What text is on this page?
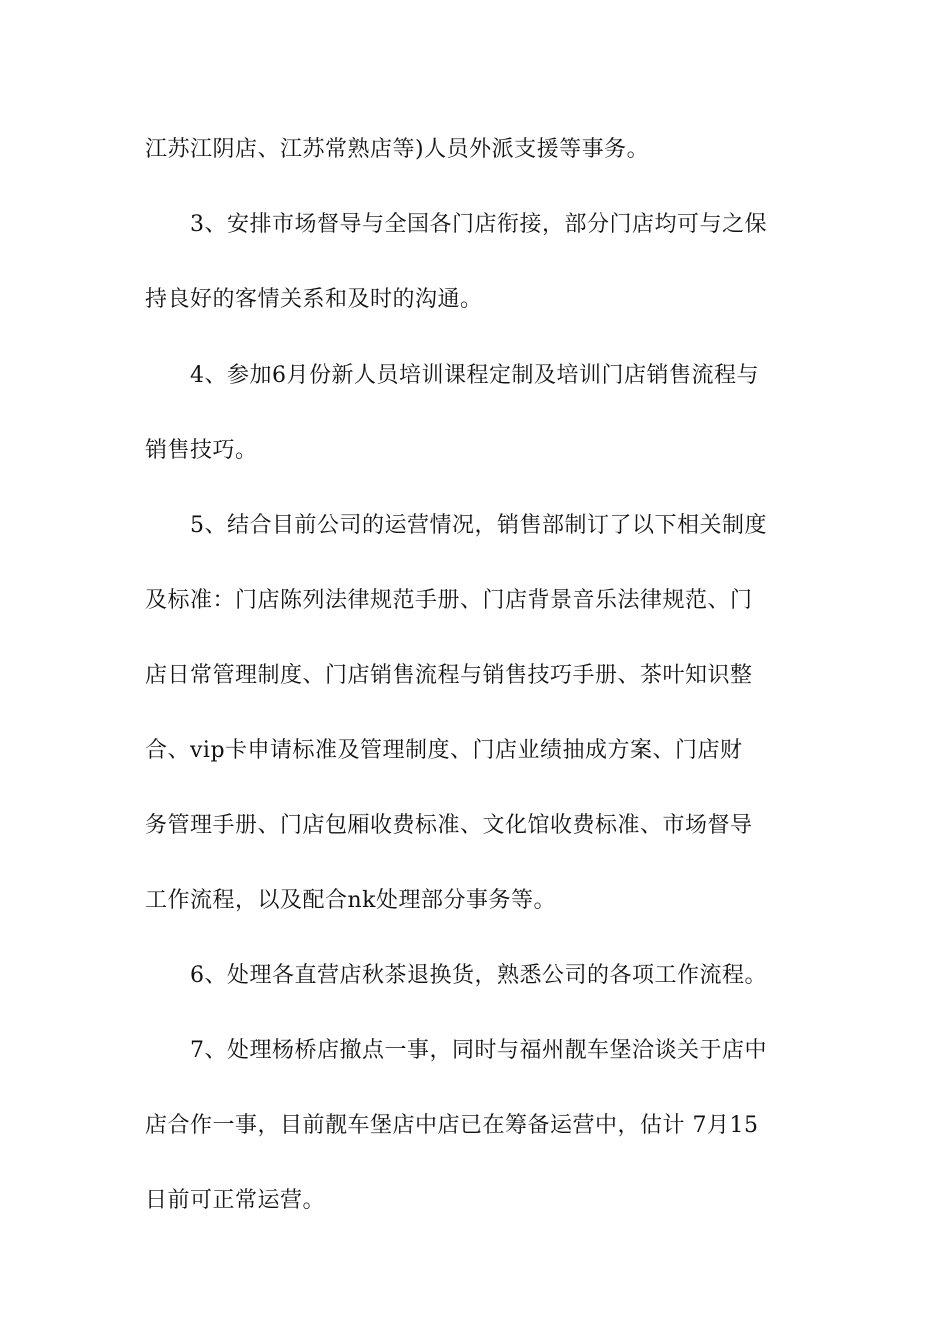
江苏江阴店、江苏常熟店等)人员外派支援等事务。
3、安排市场督导与全国各门店衔接，部分门店均可与之保
持良好的客情关系和及时的沟通。
4、参加6月份新人员培训课程定制及培训门店销售流程与
销售技巧。
5、结合目前公司的运营情况，销售部制订了以下相关制度
及标准：门店陈列法律规范手册、门店背景音乐法律规范、门
店日常管理制度、门店销售流程与销售技巧手册、茶叶知识整
合、vip卡申请标准及管理制度、门店业绩抽成方案、门店财
务管理手册、门店包厢收费标准、文化馆收费标准、市场督导
工作流程，以及配合nk处理部分事务等。
6、处理各直营店秋茶退换货，熟悉公司的各项工作流程。
7、处理杨桥店撤点一事，同时与福州靓车堡洽谈关于店中
店合作一事，目前靓车堡店中店已在筹备运营中，估计 7月15
日前可正常运营。
